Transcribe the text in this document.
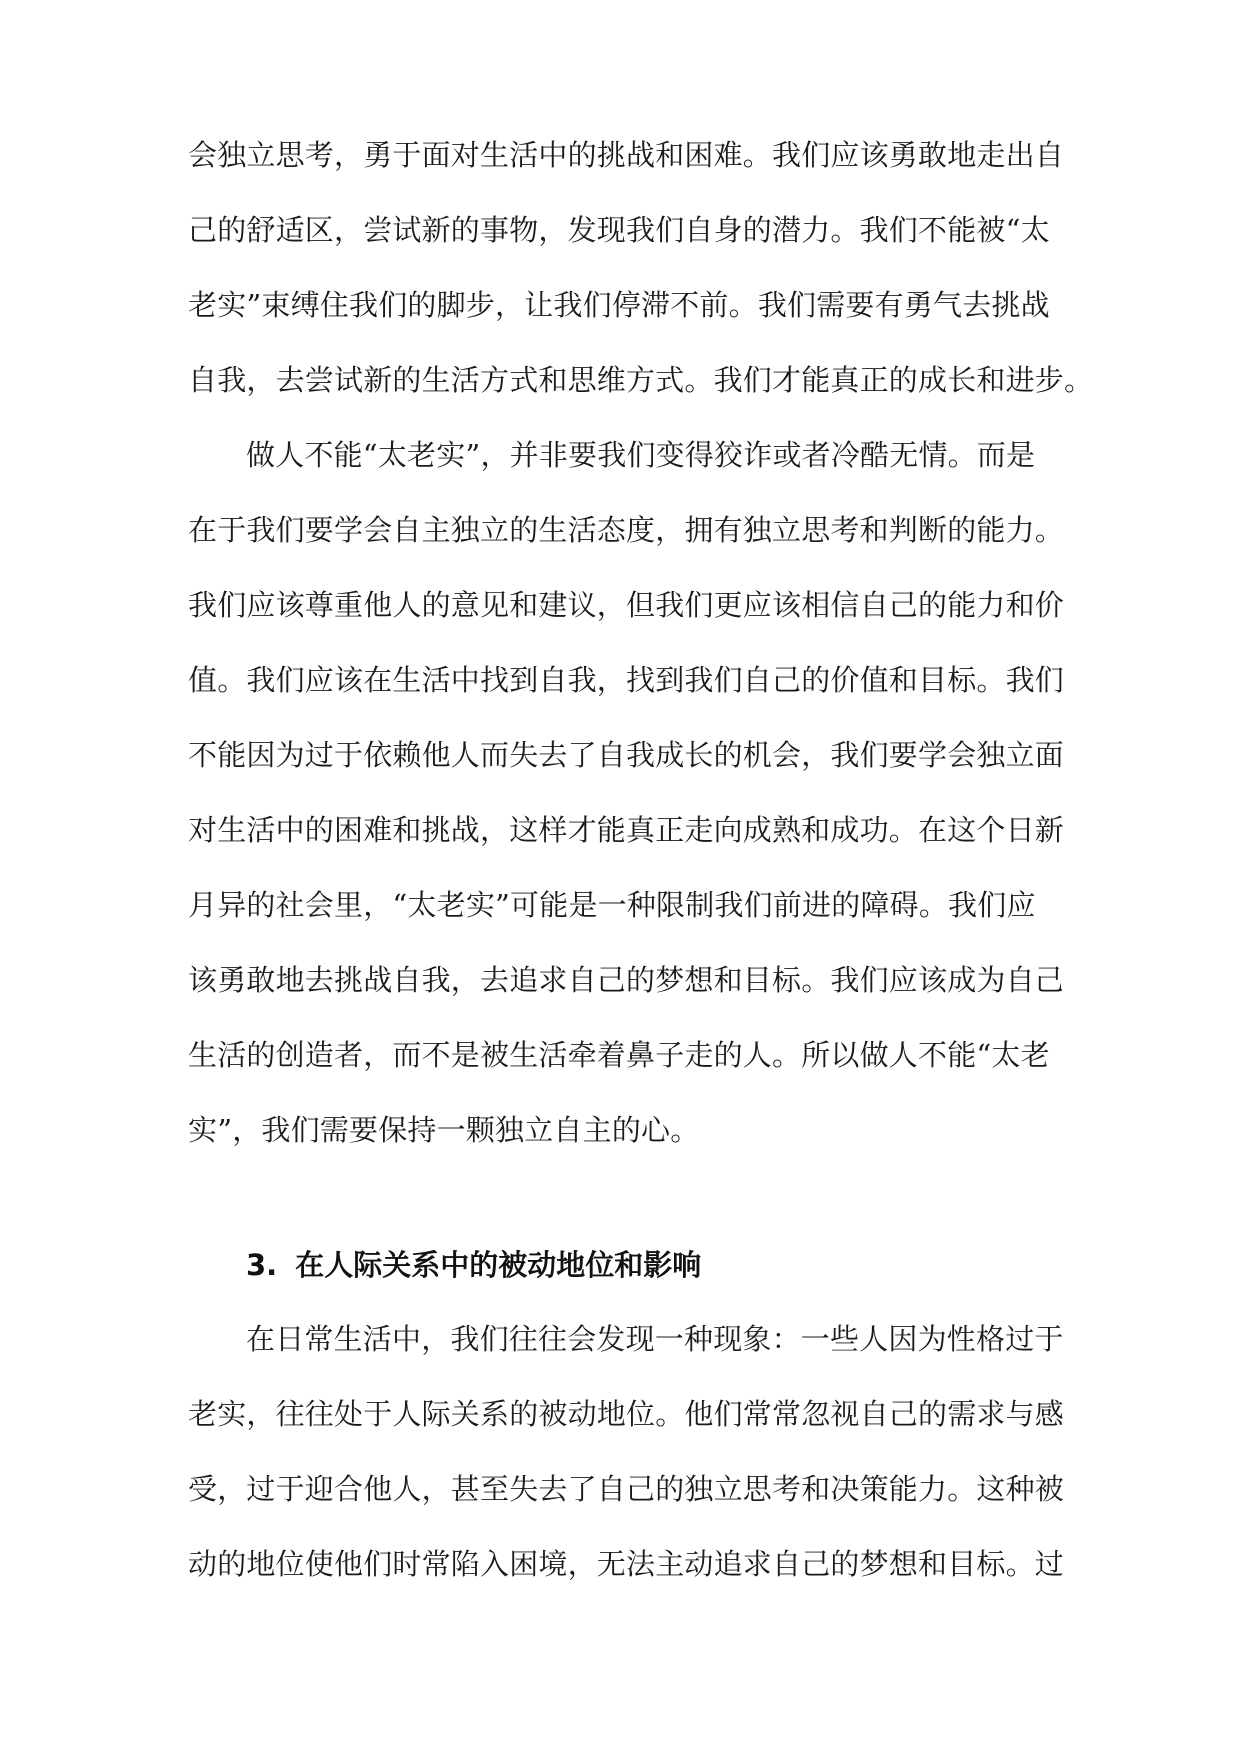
会独立思考，勇于面对生活中的挑战和困难。我们应该勇敢地走出自
己的舒适区，尝试新的事物，发现我们自身的潜力。我们不能被“太
老实”束缚住我们的脚步，让我们停滞不前。我们需要有勇气去挑战
自我，去尝试新的生活方式和思维方式。我们才能真正的成长和进步。
做人不能“太老实”，并非要我们变得狡诈或者冷酷无情。而是
在于我们要学会自主独立的生活态度，拥有独立思考和判断的能力。
我们应该尊重他人的意见和建议，但我们更应该相信自己的能力和价
值。我们应该在生活中找到自我，找到我们自己的价值和目标。我们
不能因为过于依赖他人而失去了自我成长的机会，我们要学会独立面
对生活中的困难和挑战，这样才能真正走向成熟和成功。在这个日新
月异的社会里，“太老实”可能是一种限制我们前进的障碍。我们应
该勇敢地去挑战自我，去追求自己的梦想和目标。我们应该成为自己
生活的创造者，而不是被生活牵着鼻子走的人。所以做人不能“太老
实”，我们需要保持一颗独立自主的心。
3. 在人际关系中的被动地位和影响
在日常生活中，我们往往会发现一种现象：一些人因为性格过于
老实，往往处于人际关系的被动地位。他们常常忽视自己的需求与感
受，过于迎合他人，甚至失去了自己的独立思考和决策能力。这种被
动的地位使他们时常陷入困境，无法主动追求自己的梦想和目标。过
